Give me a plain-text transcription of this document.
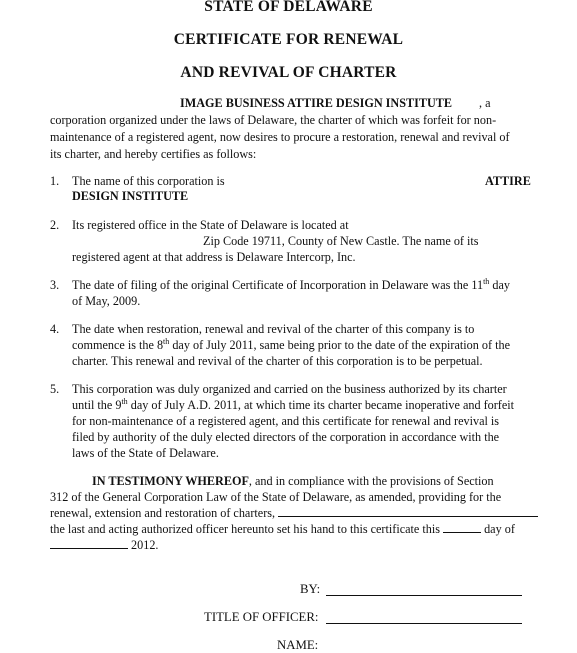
STATE OF DELAWARE
CERTIFICATE FOR RENEWAL
AND REVIVAL OF CHARTER
IMAGE BUSINESS ATTIRE DESIGN INSTITUTE , a
corporation organized under the laws of Delaware, the charter of which was forfeit for non-
maintenance of a registered agent, now desires to procure a restoration, renewal and revival of
its charter, and hereby certifies as follows:
1. The name of this corporation is	ATTIRE
DESIGN INSTITUTE
2. Its registered office in the State of Delaware is located at
Zip Code 19711, County of New Castle. The name of its
registered agent at that address is Delaware Intercorp, Inc.
3. The date of filing of the original Certificate of Incorporation in Delaware was the 11th day
of May, 2009.
4. The date when restoration, renewal and revival of the charter of this company is to
commence is the 8th day of July 2011, same being prior to the date of the expiration of the
charter. This renewal and revival of the charter of this corporation is to be perpetual.
5. This corporation was duly organized and carried on the business authorized by its charter
until the 9th day of July A.D. 2011, at which time its charter became inoperative and forfeit
for non-maintenance of a registered agent, and this certificate for renewal and revival is
filed by authority of the duly elected directors of the corporation in accordance with the
laws of the State of Delaware.
IN TESTIMONY WHEREOF, and in compliance with the provisions of Section
312 of the General Corporation Law of the State of Delaware, as amended, providing for the
renewal, extension and restoration of charters,
the last and acting authorized officer hereunto set his hand to this certificate this	day of
2012.
BY:
TITLE OF OFFICER:
NAME:
